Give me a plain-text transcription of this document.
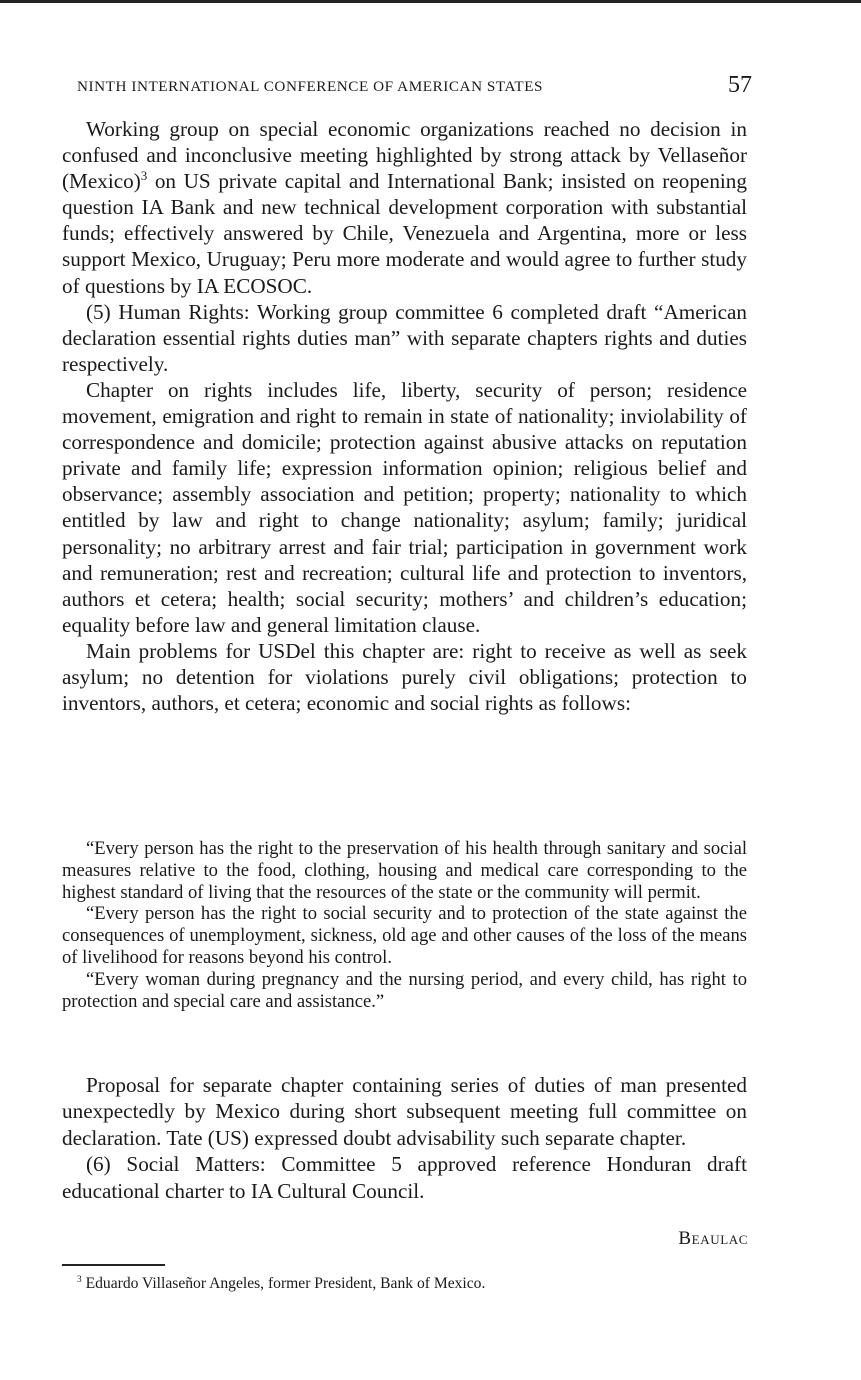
NINTH INTERNATIONAL CONFERENCE OF AMERICAN STATES	57

Working group on special economic organizations reached no decision in confused and inconclusive meeting highlighted by strong attack by Vellaseñor (Mexico)$^3$ on US private capital and International Bank; insisted on reopening question IA Bank and new technical development corporation with substantial funds; effectively answered by Chile, Venezuela and Argentina, more or less support Mexico, Uruguay; Peru more moderate and would agree to further study of questions by IA ECOSOC.

(5) Human Rights: Working group committee 6 completed draft “American declaration essential rights duties man” with separate chapters rights and duties respectively.

Chapter on rights includes life, liberty, security of person; residence movement, emigration and right to remain in state of nationality; inviolability of correspondence and domicile; protection against abusive attacks on reputation private and family life; expression information opinion; religious belief and observance; assembly association and petition; property; nationality to which entitled by law and right to change nationality; asylum; family; juridical personality; no arbitrary arrest and fair trial; participation in government work and remuneration; rest and recreation; cultural life and protection to inventors, authors et cetera; health; social security; mothers’ and children’s education; equality before law and general limitation clause.

Main problems for USDel this chapter are: right to receive as well as seek asylum; no detention for violations purely civil obligations; protection to inventors, authors, et cetera; economic and social rights as follows:

“Every person has the right to the preservation of his health through sanitary and social measures relative to the food, clothing, housing and medical care corresponding to the highest standard of living that the resources of the state or the community will permit.

“Every person has the right to social security and to protection of the state against the consequences of unemployment, sickness, old age and other causes of the loss of the means of livelihood for reasons beyond his control.

“Every woman during pregnancy and the nursing period, and every child, has right to protection and special care and assistance.”

Proposal for separate chapter containing series of duties of man presented unexpectedly by Mexico during short subsequent meeting full committee on declaration. Tate (US) expressed doubt advisability such separate chapter.

(6) Social Matters: Committee 5 approved reference Honduran draft educational charter to IA Cultural Council.

Beaulac
$^3$ Eduardo Villaseñor Angeles, former President, Bank of Mexico.
